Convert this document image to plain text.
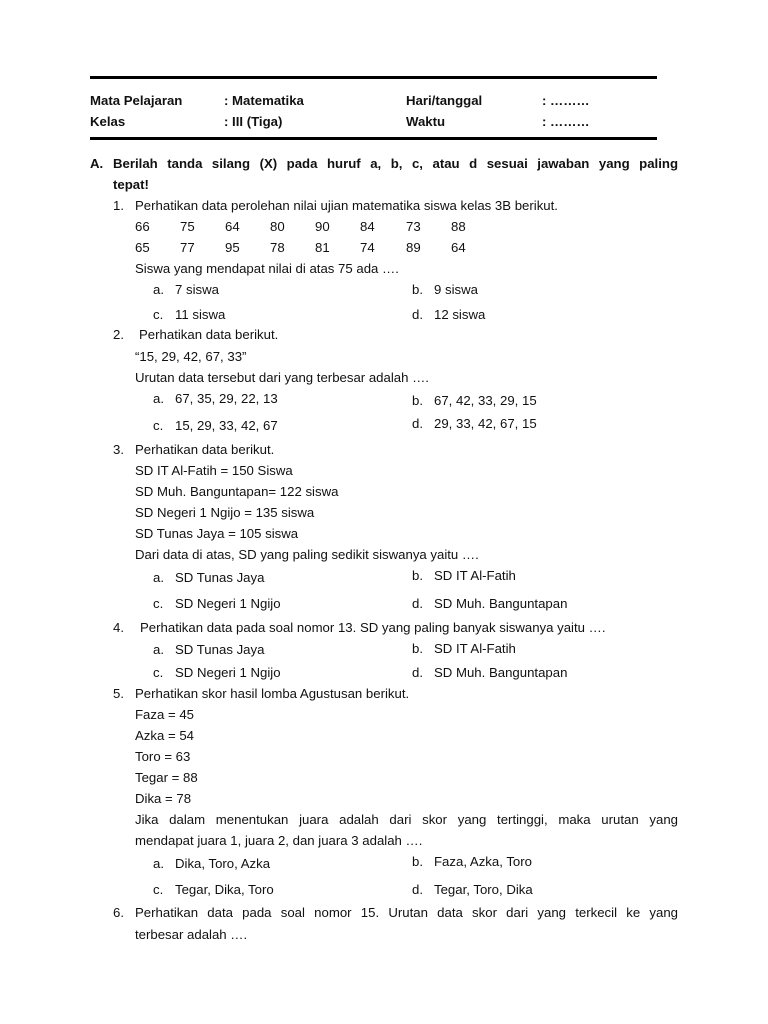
Mata Pelajaran	: Matematika	Hari/tanggal	: ………
Kelas	: III (Tiga)	Waktu	: ………
A. Berilah tanda silang (X) pada huruf a, b, c, atau d sesuai jawaban yang paling
tepat!
1. Perhatikan data perolehan nilai ujian matematika siswa kelas 3B berikut.
66 75 64 80 90 84 73 88
65 77 95 78 81 74 89 64
Siswa yang mendapat nilai di atas 75 ada ….
a. 7 siswa	b. 9 siswa
c. 11 siswa	d. 12 siswa
2. Perhatikan data berikut.
“15, 29, 42, 67, 33”
Urutan data tersebut dari yang terbesar adalah ….
a. 67, 35, 29, 22, 13	b. 67, 42, 33, 29, 15
c. 15, 29, 33, 42, 67	d. 29, 33, 42, 67, 15
3. Perhatikan data berikut.
SD IT Al-Fatih = 150 Siswa
SD Muh. Banguntapan= 122 siswa
SD Negeri 1 Ngijo = 135 siswa
SD Tunas Jaya = 105 siswa
Dari data di atas, SD yang paling sedikit siswanya yaitu ….
a. SD Tunas Jaya	b. SD IT Al-Fatih
c. SD Negeri 1 Ngijo	d. SD Muh. Banguntapan
4. Perhatikan data pada soal nomor 13. SD yang paling banyak siswanya yaitu ….
a. SD Tunas Jaya	b. SD IT Al-Fatih
c. SD Negeri 1 Ngijo	d. SD Muh. Banguntapan
5. Perhatikan skor hasil lomba Agustusan berikut.
Faza = 45
Azka = 54
Toro = 63
Tegar = 88
Dika = 78
Jika dalam menentukan juara adalah dari skor yang tertinggi, maka urutan yang
mendapat juara 1, juara 2, dan juara 3 adalah ….
a. Dika, Toro, Azka	b. Faza, Azka, Toro
c. Tegar, Dika, Toro	d. Tegar, Toro, Dika
6. Perhatikan data pada soal nomor 15. Urutan data skor dari yang terkecil ke yang
terbesar adalah ….
